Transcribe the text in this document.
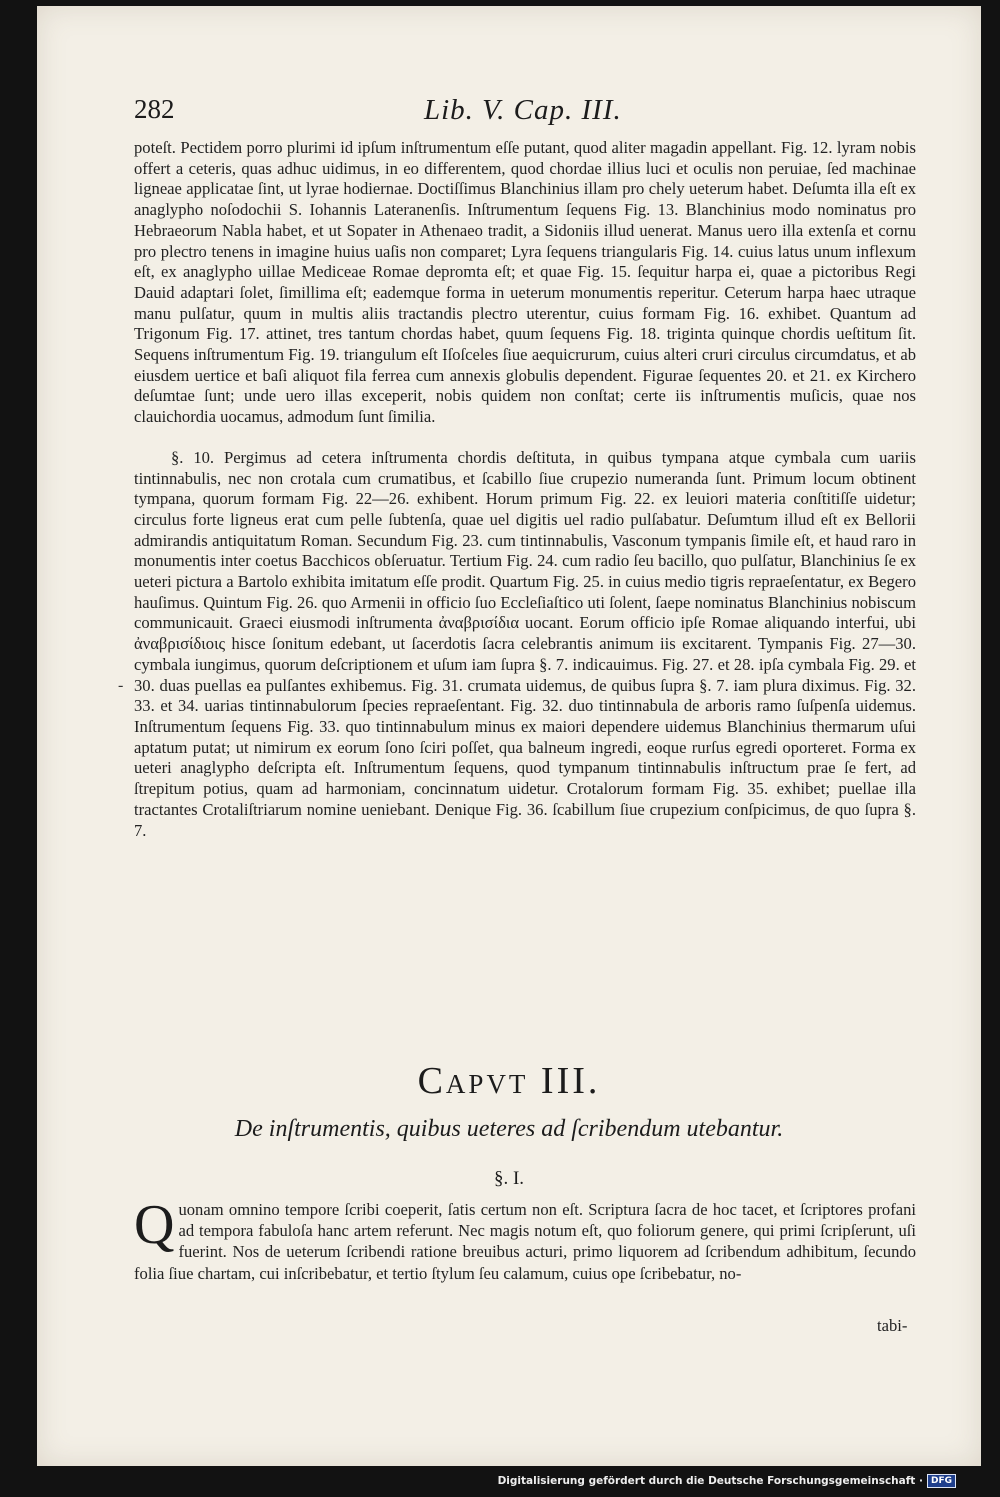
282	Lib. V. Cap. III.

poteſt. Pectidem porro plurimi id ipſum inſtrumentum eſſe putant, quod aliter magadin appellant. Fig. 12. lyram nobis offert a ceteris, quas adhuc uidimus, in eo differentem, quod chordae illius luci et oculis non peruiae, ſed machinae ligneae applicatae ſint, ut lyrae hodiernae. Doctiſſimus Blanchinius illam pro chely ueterum habet. Deſumta illa eſt ex anaglypho noſodochii S. Iohannis Lateranenſis. Inſtrumentum ſequens Fig. 13. Blanchinius modo nominatus pro Hebraeorum Nabla habet, et ut Sopater in Athenaeo tradit, a Sidoniis illud uenerat. Manus uero illa extenſa et cornu pro plectro tenens in imagine huius uaſis non comparet; Lyra ſequens triangularis Fig. 14. cuius latus unum inflexum eſt, ex anaglypho uillae Mediceae Romae depromta eſt; et quae Fig. 15. ſequitur harpa ei, quae a pictoribus Regi Dauid adaptari ſolet, ſimillima eſt; eademque forma in ueterum monumentis reperitur. Ceterum harpa haec utraque manu pulſatur, quum in multis aliis tractandis plectro uterentur, cuius formam Fig. 16. exhibet. Quantum ad Trigonum Fig. 17. attinet, tres tantum chordas habet, quum ſequens Fig. 18. triginta quinque chordis ueſtitum ſit. Sequens inſtrumentum Fig. 19. triangulum eſt Iſoſceles ſiue aequicrurum, cuius alteri cruri circulus circumdatus, et ab eiusdem uertice et baſi aliquot fila ferrea cum annexis globulis dependent. Figurae ſequentes 20. et 21. ex Kirchero deſumtae ſunt; unde uero illas exceperit, nobis quidem non conſtat; certe iis inſtrumentis muſicis, quae nos clauichordia uocamus, admodum ſunt ſimilia.

§. 10. Pergimus ad cetera inſtrumenta chordis deſtituta, in quibus tympana atque cymbala cum uariis tintinnabulis, nec non crotala cum crumatibus, et ſcabillo ſiue crupezio numeranda ſunt. Primum locum obtinent tympana, quorum formam Fig. 22—26. exhibent. Horum primum Fig. 22. ex leuiori materia conſtitiſſe uidetur; circulus forte ligneus erat cum pelle ſubtenſa, quae uel digitis uel radio pulſabatur. Deſumtum illud eſt ex Bellorii admirandis antiquitatum Roman. Secundum Fig. 23. cum tintinnabulis, Vasconum tympanis ſimile eſt, et haud raro in monumentis inter coetus Bacchicos obſeruatur. Tertium Fig. 24. cum radio ſeu bacillo, quo pulſatur, Blanchinius ſe ex ueteri pictura a Bartolo exhibita imitatum eſſe prodit. Quartum Fig. 25. in cuius medio tigris repraeſentatur, ex Begero hauſimus. Quintum Fig. 26. quo Armenii in officio ſuo Eccleſiaſtico uti ſolent, ſaepe nominatus Blanchinius nobiscum communicauit. Graeci eiusmodi inſtrumenta ἀναβρισίδια uocant. Eorum officio ipſe Romae aliquando interfui, ubi ἀναβρισίδιοις hisce ſonitum edebant, ut ſacerdotis ſacra celebrantis animum iis excitarent. Tympanis Fig. 27—30. cymbala iungimus, quorum deſcriptionem et uſum iam ſupra §. 7. indicauimus. Fig. 27. et 28. ipſa cymbala Fig. 29. et 30. duas puellas ea pulſantes exhibemus. Fig. 31. crumata uidemus, de quibus ſupra §. 7. iam plura diximus. Fig. 32. 33. et 34. uarias tintinnabulorum ſpecies repraeſentant. Fig. 32. duo tintinnabula de arboris ramo ſuſpenſa uidemus. Inſtrumentum ſequens Fig. 33. quo tintinnabulum minus ex maiori dependere uidemus Blanchinius thermarum uſui aptatum putat; ut nimirum ex eorum ſono ſciri poſſet, qua balneum ingredi, eoque rurſus egredi oporteret. Forma ex ueteri anaglypho deſcripta eſt. Inſtrumentum ſequens, quod tympanum tintinnabulis inſtructum prae ſe fert, ad ſtrepitum potius, quam ad harmoniam, concinnatum uidetur. Crotalorum formam Fig. 35. exhibet; puellae illa tractantes Crotaliſtriarum nomine ueniebant. Denique Fig. 36. ſcabillum ſiue crupezium conſpicimus, de quo ſupra §. 7.

-
Capvt III.
De inſtrumentis, quibus ueteres ad ſcribendum utebantur.
§. I.
Q uonam omnino tempore ſcribi coeperit, ſatis certum non eſt. Scriptura ſacra de hoc tacet, et ſcriptores profani ad tempora fabuloſa hanc artem referunt. Nec magis notum eſt, quo foliorum genere, qui primi ſcripſerunt, uſi fuerint. Nos de ueterum ſcribendi ratione breuibus acturi, primo liquorem ad ſcribendum adhibitum, ſecundo folia ſiue chartam, cui inſcribebatur, et tertio ſtylum ſeu calamum, cuius ope ſcribebatur, no-
tabi-
Digitalisierung gefördert durch die Deutsche Forschungsgemeinschaft · DFG
